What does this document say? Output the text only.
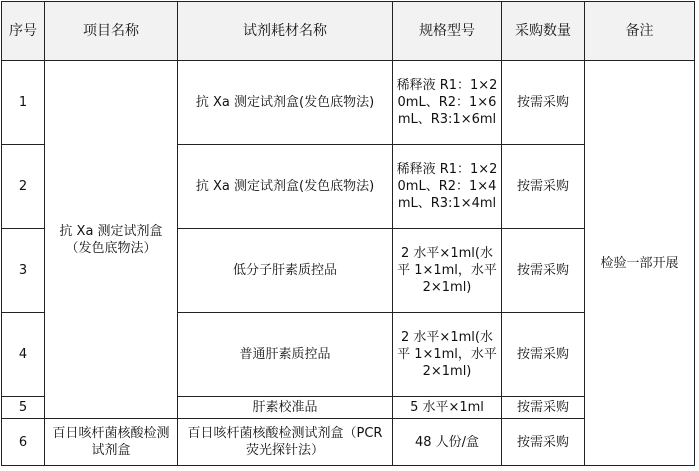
序号	项目名称	试剂耗材名称	规格型号	采购数量	备注
1	抗 Xa 测定试剂盒（发色底物法）	抗 Xa 测定试剂盒(发色底物法)	稀释液 R1：1×20mL、R2：1×6mL、R3:1×6ml	按需采购	检验一部开展
2		抗 Xa 测定试剂盒(发色底物法)	稀释液 R1：1×20mL、R2：1×4mL、R3:1×4ml	按需采购	
3		低分子肝素质控品	2 水平×1ml(水平 1×1ml，水平 2×1ml)	按需采购	
4		普通肝素质控品	2 水平×1ml(水平 1×1ml，水平 2×1ml)	按需采购	
5		肝素校准品	5 水平×1ml	按需采购	
6	百日咳杆菌核酸检测试剂盒	百日咳杆菌核酸检测试剂盒（PCR 荧光探针法）	48 人份/盒	按需采购	
